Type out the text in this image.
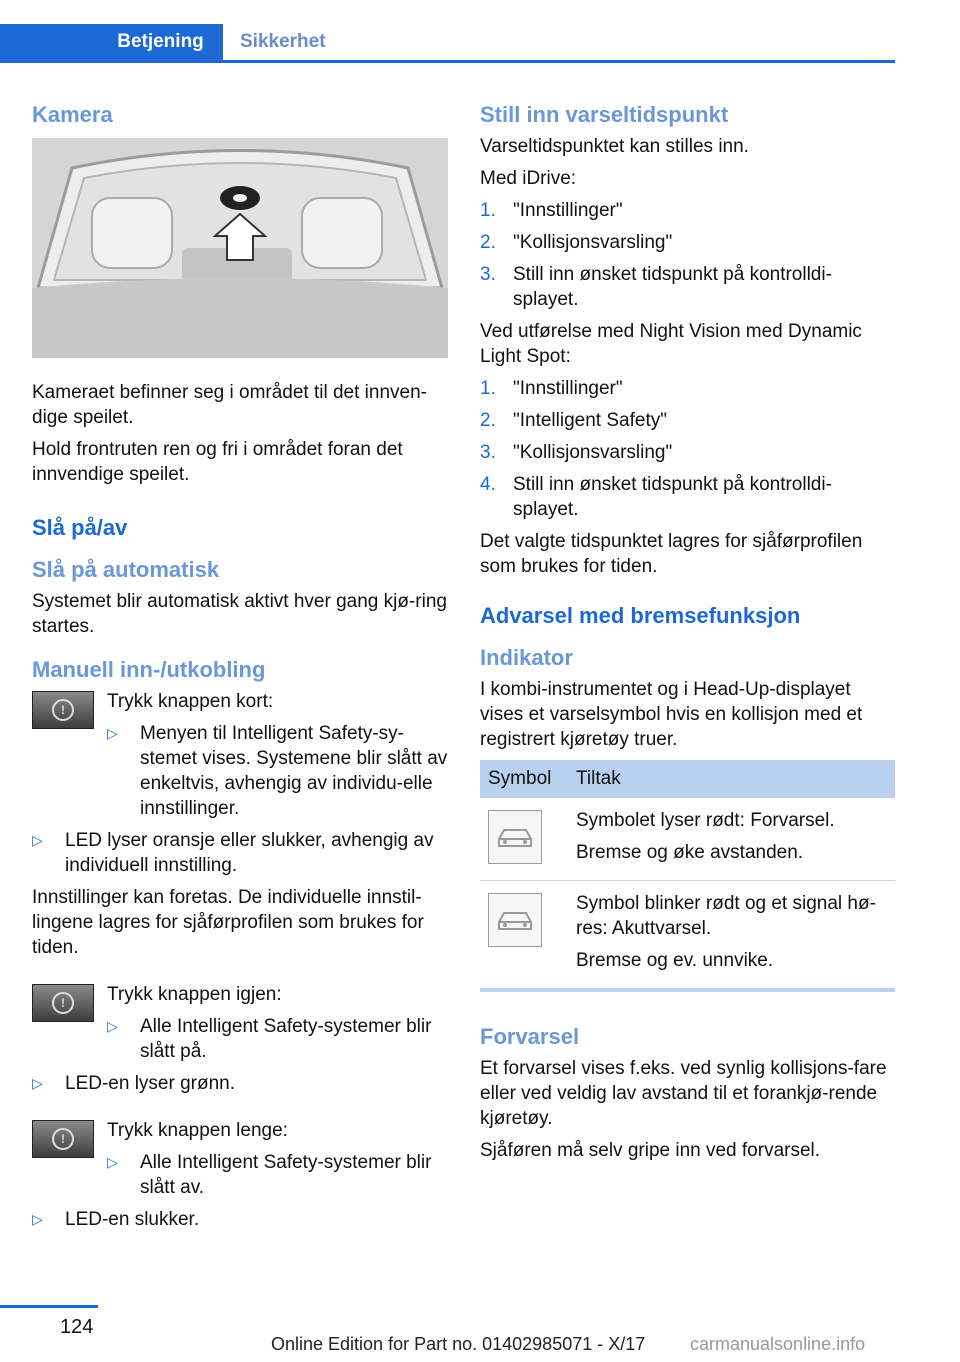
Betjening	Sikkerhet
Kamera

Kameraet befinner seg i området til det innven-dige speilet.

Hold frontruten ren og fri i området foran det innvendige speilet.

Slå på/av
Slå på automatisk

Systemet blir automatisk aktivt hver gang kjø-ring startes.

Manuell inn-/utkobling
!	Trykk knappen kort:

▷ Menyen til Intelligent Safety-sy-stemet vises. Systemene blir slått av enkeltvis, avhengig av individu-elle innstillinger.
▷ LED lyser oransje eller slukker, avhengig av individuell innstilling.

Innstillinger kan foretas. De individuelle innstil-lingene lagres for sjåførprofilen som brukes for tiden.

!	Trykk knappen igjen:

▷ Alle Intelligent Safety-systemer blir slått på.
▷ LED-en lyser grønn.
!	Trykk knappen lenge:

▷ Alle Intelligent Safety-systemer blir slått av.
▷ LED-en slukker.
Still inn varseltidspunkt

Varseltidspunktet kan stilles inn.

Med iDrive:

1. "Innstillinger"
2. "Kollisjonsvarsling"
3. Still inn ønsket tidspunkt på kontrolldi-splayet.

Ved utførelse med Night Vision med Dynamic Light Spot:

1. "Innstillinger"
2. "Intelligent Safety"
3. "Kollisjonsvarsling"
4. Still inn ønsket tidspunkt på kontrolldi-splayet.

Det valgte tidspunktet lagres for sjåførprofilen som brukes for tiden.

Advarsel med bremsefunksjon
Indikator

I kombi-instrumentet og i Head-Up-displayet vises et varselsymbol hvis en kollisjon med et registrert kjøretøy truer.

Symbol	Tiltak

Symbolet lyser rødt: Forvarsel.

Bremse og øke avstanden.

Symbol blinker rødt og et signal hø-res: Akuttvarsel.

Bremse og ev. unnvike.

Forvarsel

Et forvarsel vises f.eks. ved synlig kollisjons-fare eller ved veldig lav avstand til et forankjø-rende kjøretøy.

Sjåføren må selv gripe inn ved forvarsel.

124
Online Edition for Part no. 01402985071 - X/17 carmanualsonline.info
